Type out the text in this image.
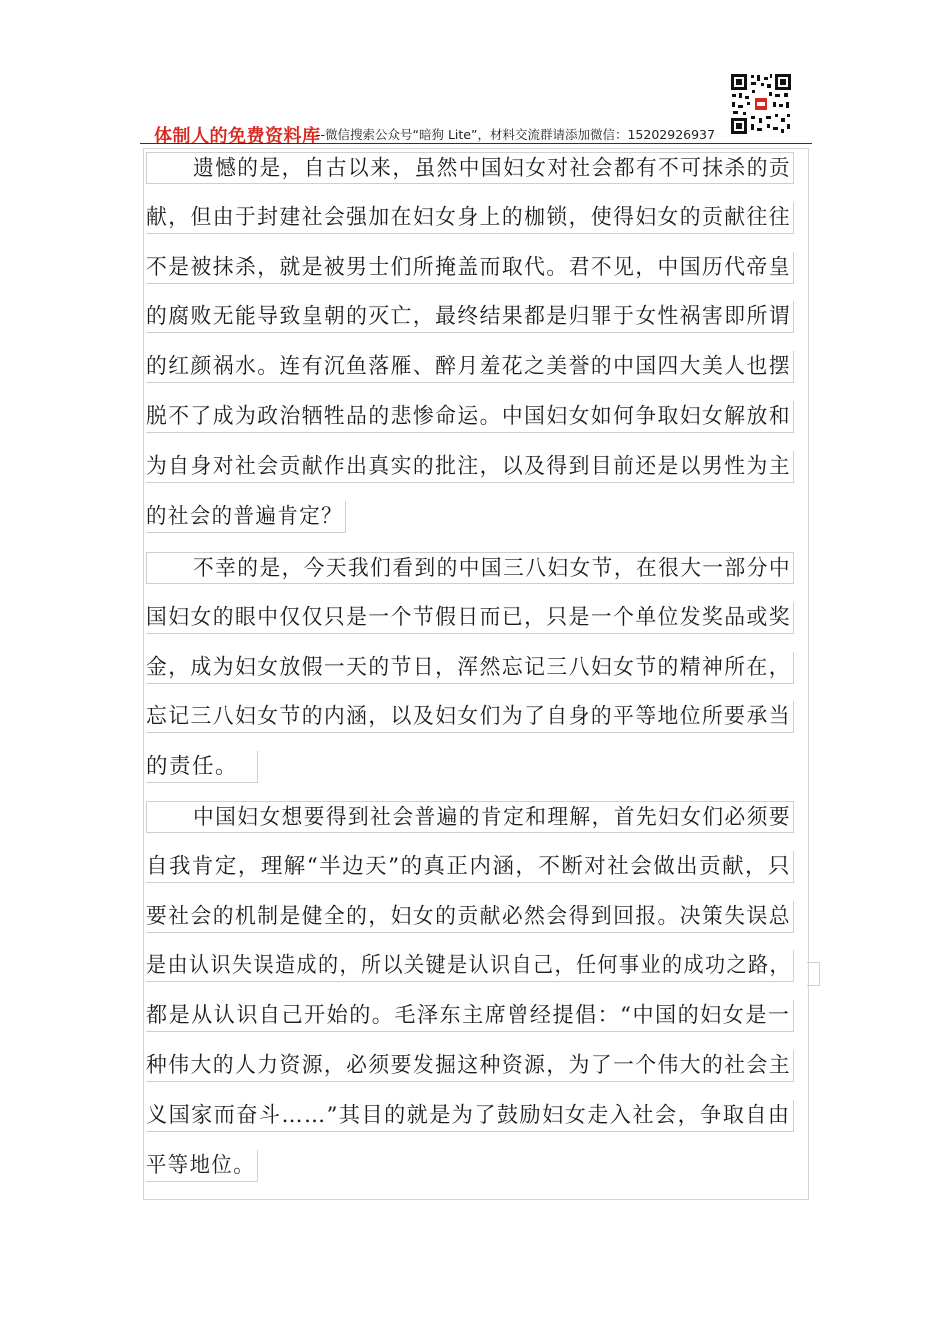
体制人的免费资料库
--微信搜索公众号“暗狗 Lite”，材料交流群请添加微信：15202926937
遗憾的是，自古以来，虽然中国妇女对社会都有不可抹杀的贡
献，但由于封建社会强加在妇女身上的枷锁，使得妇女的贡献往往
不是被抹杀，就是被男士们所掩盖而取代。君不见，中国历代帝皇
的腐败无能导致皇朝的灭亡，最终结果都是归罪于女性祸害即所谓
的红颜祸水。连有沉鱼落雁、醉月羞花之美誉的中国四大美人也摆
脱不了成为政治牺牲品的悲惨命运。中国妇女如何争取妇女解放和
为自身对社会贡献作出真实的批注，以及得到目前还是以男性为主
的社会的普遍肯定？
不幸的是，今天我们看到的中国三八妇女节，在很大一部分中
国妇女的眼中仅仅只是一个节假日而已，只是一个单位发奖品或奖
金，成为妇女放假一天的节日，浑然忘记三八妇女节的精神所在，
忘记三八妇女节的内涵，以及妇女们为了自身的平等地位所要承当
的责任。
中国妇女想要得到社会普遍的肯定和理解，首先妇女们必须要
自我肯定，理解“半边天”的真正内涵，不断对社会做出贡献，只
要社会的机制是健全的，妇女的贡献必然会得到回报。决策失误总
是由认识失误造成的，所以关键是认识自己，任何事业的成功之路，
都是从认识自己开始的。毛泽东主席曾经提倡：“中国的妇女是一
种伟大的人力资源，必须要发掘这种资源，为了一个伟大的社会主
义国家而奋斗……”其目的就是为了鼓励妇女走入社会，争取自由
平等地位。
